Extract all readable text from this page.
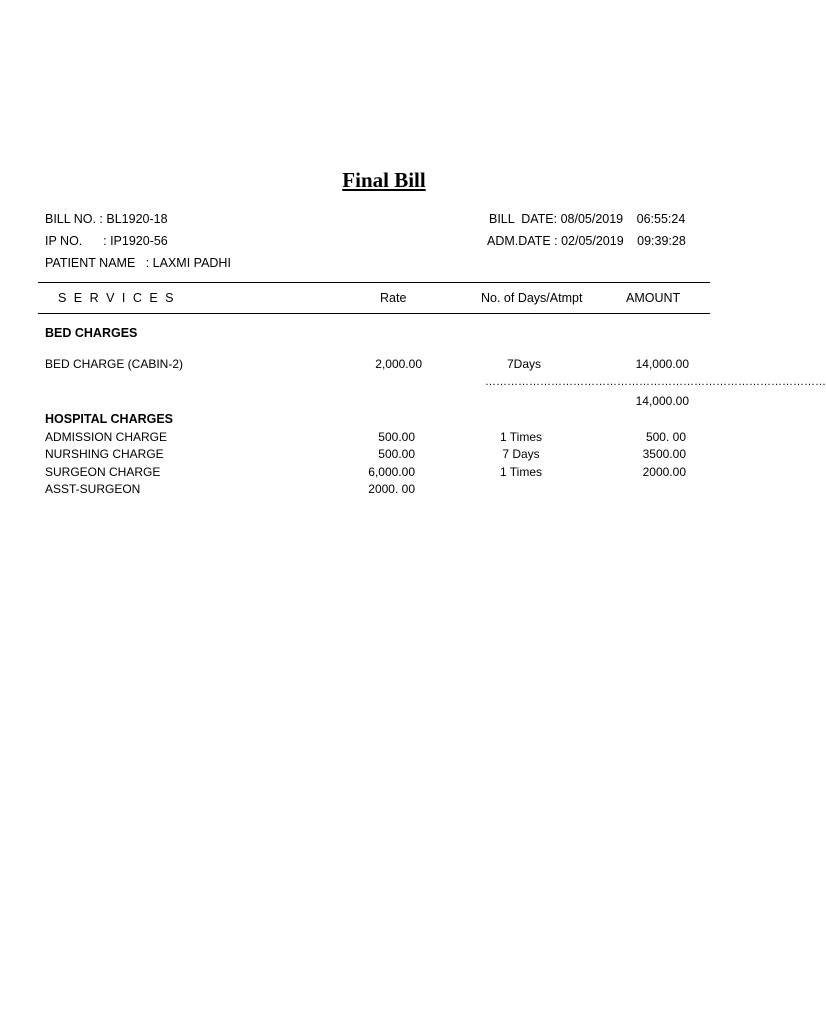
Final Bill
BILL NO. : BL1920-18
IP NO.      : IP1920-56
PATIENT NAME   : LAXMI PADHI
BILL  DATE: 08/05/2019 06:55:24
ADM.DATE : 02/05/2019 09:39:28
S E R V I C E S	Rate	No. of Days/Atmpt	AMOUNT
BED CHARGES
BED CHARGE (CABIN-2)	2,000.00	7Days	14,000.00
…………………………………………………………………………………
14,000.00
HOSPITAL CHARGES
ADMISSION CHARGE	500.00	1 Times	500. 00
NURSHING CHARGE	500.00	7 Days	3500.00
SURGEON CHARGE	6,000.00	1 Times	2000.00
ASST-SURGEON	2000. 00
